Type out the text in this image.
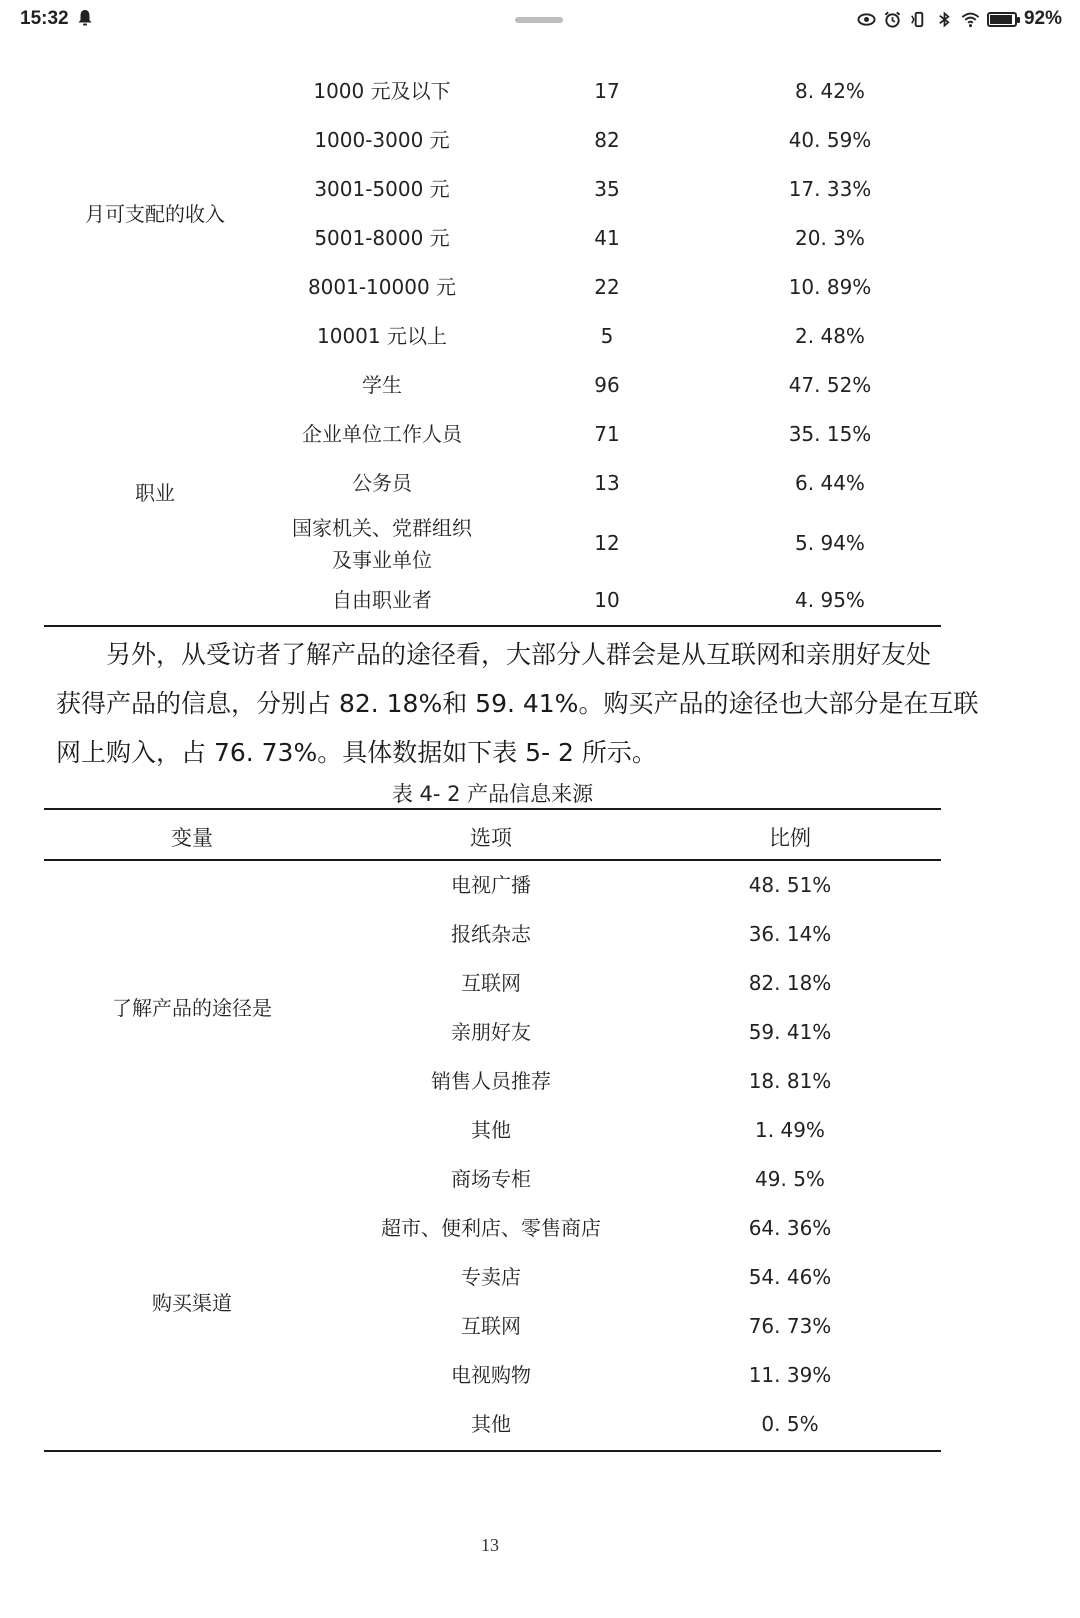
15:32	92%
月可支配的收入
1000 元及以下	17	8. 42%
1000-3000 元	82	40. 59%
3001-5000 元	35	17. 33%
5001-8000 元	41	20. 3%
8001-10000 元	22	10. 89%
10001 元以上	5	2. 48%
职业
学生	96	47. 52%
企业单位工作人员	71	35. 15%
公务员	13	6. 44%
国家机关、党群组织
及事业单位
12	5. 94%
自由职业者	10	4. 95%
另外，从受访者了解产品的途径看，大部分人群会是从互联网和亲朋好友处
获得产品的信息，分别占 82. 18%和 59. 41%。购买产品的途径也大部分是在互联
网上购入，占 76. 73%。具体数据如下表 5- 2 所示。
表 4- 2 产品信息来源
变量	选项	比例
了解产品的途径是
电视广播	48. 51%
报纸杂志	36. 14%
互联网	82. 18%
亲朋好友	59. 41%
销售人员推荐	18. 81%
其他	1. 49%
购买渠道
商场专柜	49. 5%
超市、便利店、零售商店	64. 36%
专卖店	54. 46%
互联网	76. 73%
电视购物	11. 39%
其他	0. 5%
13
